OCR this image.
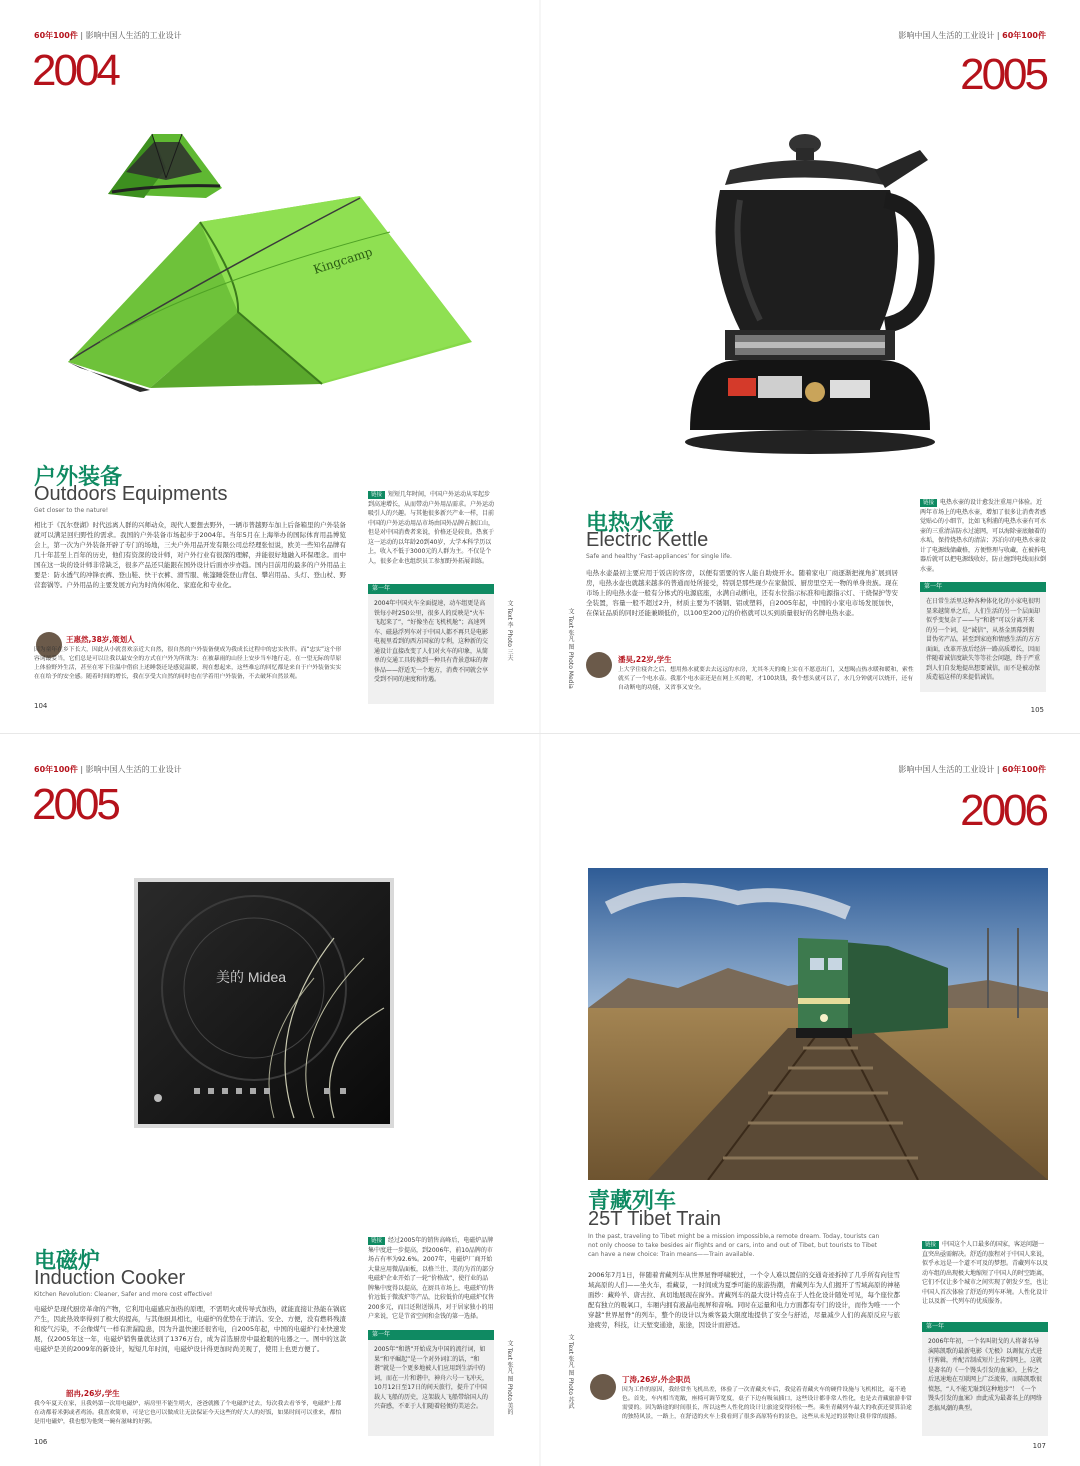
60年100件 | 影响中国人生活的工业设计
2004
Kingcamp
户外装备
Outdoors Equipments
Get closer to the nature!
相比于《瓦尔登湖》时代远离人群的兴师动众，现代人要想去野外，一辆市普越野车加上后备箱里的户外装备就可以满足回归野性的需求。我国的户外装备市场起步于2004年。当年5月在上海举办的国际体育用品博览会上，第一次为户外装备开辟了专门的场地，三夫户外用品开发有限公司总经理张恒说，欧美一些知名品牌有几十年甚至上百年的历史，他们有资深的设计师，对户外行业有很深的理解，并能很好地融入环保理念。而中国在这一块的设计师非常缺乏，很多产品还只能跟在国外设计后面亦步亦趋。国内目前用的最多的户外用品主要是：防水透气的冲锋衣裤、登山鞋、快干衣裤、滑雪服、帐篷睡袋登山背包、攀岩用品、头灯、登山杖、野营套锅等。户外用品的主要发展方向为时尚休闲化、家庭化和专业化。
王惠然,38岁,策划人
因为童年在乡下长大，因此从小就喜欢亲近大自然，很自然的户外装备便成为我成长过程中的忠实伙伴。而“忠实”这个形容词最妥当，它们总是可以让我以最安全的方式在户外为所欲为：在被暴雨的山径上安步当车地行走，在一望无际的草原上体验野外生活，甚至在零下住温中借宿上述睡袋还是感觉温暖，现在想起来，这些难忘的回忆都是来自于户外装备实实在在给予的安全感。随着时间的增长，我在享受大自然的同时也在学着用户外装备，不去破坏自然景观。
链接 短短几年时间，中国户外运动从零起步到高速增长，从而带动户外用品需求。户外运动吸引人的兴趣。与其他很多新兴产业一样，目前中国的户外运动用品市场由国外品牌占据江山，但是对中国消费者来说，价格还是较贵。热衷于这一运动的以年龄20到40岁，大学本科学历以上，收入不低于3000元的人群为主。不仅是个人，很多企业也组织员工参加野外拓展训练。
第一年
2004年中国火车全面提速，动车组更是高铁每小时250公里，很多人的反映是“火车飞起来了”，“好像坐在飞机机舱”；高速列车、磁悬浮列车对于中国人都不再只是电影电视里看到的西方国家的专利，这种新的交通设计直接改变了人们对火车的印象，从简单的交通工具转换到一种具有背景意味的奢侈品——舒适无一个地方，消费不同就会享受到不同的速度和待遇。
104
文 Text 李 Photo 三夫
影响中国人生活的工业设计 | 60年100件
2005
电热水壶
Electric Kettle
Safe and healthy ‘Fast-appliances’ for single life.
电热水壶最初主要应用于饭店的客房，以便有需要的客人能自助烧开水。随着家电厂商逐渐把视角扩展到居房，电热水壶也就越来越多的普通而处所接受，特别是那些现少在家做饭、厨房里空无一物的单身贵族。现在市场上的电热水壶一般有分体式的电源底座，水满自动断电，还有水位指示标准和电源指示灯、干烧保护等安全装置，容量一般不超过2升，材质主要为不锈钢、铝或塑料，自2005年起，中国的小家电市场发展加快，在保证品质的同时还能兼顾低价，以100至200元的价格就可以买到质量很好的名牌电热水壶。
潘昊,22岁,学生
上大学住寝舍之后，想用热水就要去去远远的水房，尤其冬天的晚上实在不愿意出门，又想喝点热水暖和暖和，索性就买了一个电水壶。我那个电水壶还是在网上买的呢，才100块钱，我个想头就可以了，水几分钟就可以烧开，还有自动断电的功能，又省事又安全。
链接 电热水壶的设计愈发注重用户体验。近两年市场上的电热水壶，增加了很多让消费者感觉贴心的小细节，比如飞利浦的电热水壶有可水壶的三重清洁防水过滤网，可以海除壶底触着的水垢，保持烧热水的清洁；苏泊尔的电热水壶设计了电源线储藏格，方便整理与收藏，在被拆电器后就可以把电源线收好，防止缠到电线而拉倒水壶。
第一年
在日常生活里这种各种体化化的小家电很明显来越简单之后，人们生活的另一个层面却似乎变复杂了——与“和谐”可以分离开来的另一个词，是“诚信”，从基金黑幕到假冒伪劣产品，甚至到家庭和情感生活的方方面面，改革开放后经济一路高质增长，因而伴随着诚信度缺失等等社会问题，终于严重到人们自发地提出想要诚信，而不是被动保质造福这样的来提倡诚信。
105
文 Text 张凡 图 Photo Media
60年100件 | 影响中国人生活的工业设计
2005
美的 Midea
电磁炉
Induction Cooker
Kitchen Revolution: Cleaner, Safer and more cost effective!
电磁炉是现代厨房革命的产物，它利用电磁感应加热的原理，不需明火或传导式加热，就能直接让热能在锅底产生，因此热效率得到了极大的提高，与其他厨具相比，电磁炉的优势在于清洁、安全、方便，没有燃料残渣和废气污染，不会像煤气一样有泄漏隐患，因为升温快速还很省电，自2005年起，中国的电磁炉行业快速发展，仅2005年这一年，电磁炉销售量就达到了1376万台，成为首选厨房中最抢眼的电器之一。图中的这款电磁炉是美的2009年的新设计，短短几年时间，电磁炉设计得更加时尚美观了，使用上也更方便了。
韶冉,26岁,学生
我今年夏天在家，且我妈第一次用电磁炉，病房里不能生明火，爸爸就搬了个电磁炉过去，每次我去看爷爷，电磁炉上都在动都着米粥或者鸡汤。我喜欢简单，可是它也可以做成让无法保证今天这些的好大人的好饭，如果时间可以重来，都怕是用电磁炉，我也想为他煲一碗有滋味的好粥。
链接 经过2005年的销售高峰后，电磁炉品牌集中度进一步提高，到2006年，前10品牌的市场占有率为92.6%。2007年，电磁炉厂商开始大量应用微晶面板，以格兰仕、美的为首的部分电磁炉企业开始了一轮“价格战”，使行业的品牌集中度得以提高，在厨具市场上，电磁炉的售价远低于微波炉等产品，比较低价的电磁炉仅售200多元，而目还附送锅具，对于居家独小的用户来说，它是节省空间和金钱的第一选择。
第一年
2005年“和谐”开始成为中国的流行词，如果“和平崛起”是一个对外词汇的话，“和谐”就是一个更多地被人们应用到生活中的词，而在一片和谐中，神舟六号一飞冲天，10月12日至17日的间天旅行，提升了中国载人飞船的历史，这架载人飞船带给国人的兴奋感，不亚于人们随着轻便的美运会。
106
文 Text 张凡 图 Photo 美的
影响中国人生活的工业设计 | 60年100件
2006
青藏列车
25T Tibet Train
In the past, traveling to Tibet might be a mission impossible,a remote dream. Today, tourists can not only choose to take besides air flights and or cars, into and out of Tibet, but tourists to Tibet can have a new choice: Train means——Train available.
2006年7月1日，伴随着青藏列车从世界屋脊呼啸驶过，一个令人难以置信的交通奇迹拆掉了几乎所有向往雪域高原的人们——坐火车，看藏景，一时间成为夏季可能的旅游热潮，青藏列车为人们揭开了雪域高原的神秘面纱：藏羚羊、唐古拉、真切地展现在窗外。青藏列车的最大设计特点在于人性化设计随处可见，每个座位都配有独立的吸氧口，车厢内拥有液晶电视屏和音响。同时在运量和电力方面都有专门的设计，而作为唯一一个穿越“世界屋脊”的列车，整个的设计以为乘客最大限度地提供了安全与舒适，尽量减少人们的高原反应与旅途疲劳，科技，让天堑变通途，旅途，因设计而舒适。
丁涛,26岁,外企职员
因为工作的原因，我经常坐飞机出差，体验了一次青藏火车后，我觉着青藏火车的硬件设施与飞机相比，毫不逊色。首先，车内相当宽敞，座椅可调节宽度，桌子下边有吸氧插口，这些设计都非常人性化，也是去青藏旅游非常需要的。因为路途的时间很长，所以这些人性化的设计让旅途变得轻松一些。乘坐青藏列车最大的收获还要算沿途的独特风景，一路上，在舒适的火车上我看到了很多高原特有的景色，这些从未见过的景物让我非常的震撼。
链接 中国这个人口最多的国家，客运问题一直突出亟需解决。舒适的旅程对于中国人来说，似乎永远是一个道不可及的梦想。青藏列车以及动车组的出现极大地缩短了中国人的时空距离，它们不仅让多个城市之间实现了朝发夕至，也让中国人首次体验了舒适的列车环境。人性化设计让以及新一代列车的优质服务。
第一年
2006年年初，一个名叫胡戈的人将著名导演陈凯歌的最新电影《无极》以调侃方式进行剪辑，并配音制成短片上传到网上，这就是著名的《一个馒头引发的血案》，上传之后迅速地在互联网上广泛流传，而陈凯歌很愤怒，“人不能无耻到这种地步”！《一个馒头引发的血案》由此成为最著名上的网络恶搞风潮的典型。
107
文 Text 张凡 图 Photo 苏武
